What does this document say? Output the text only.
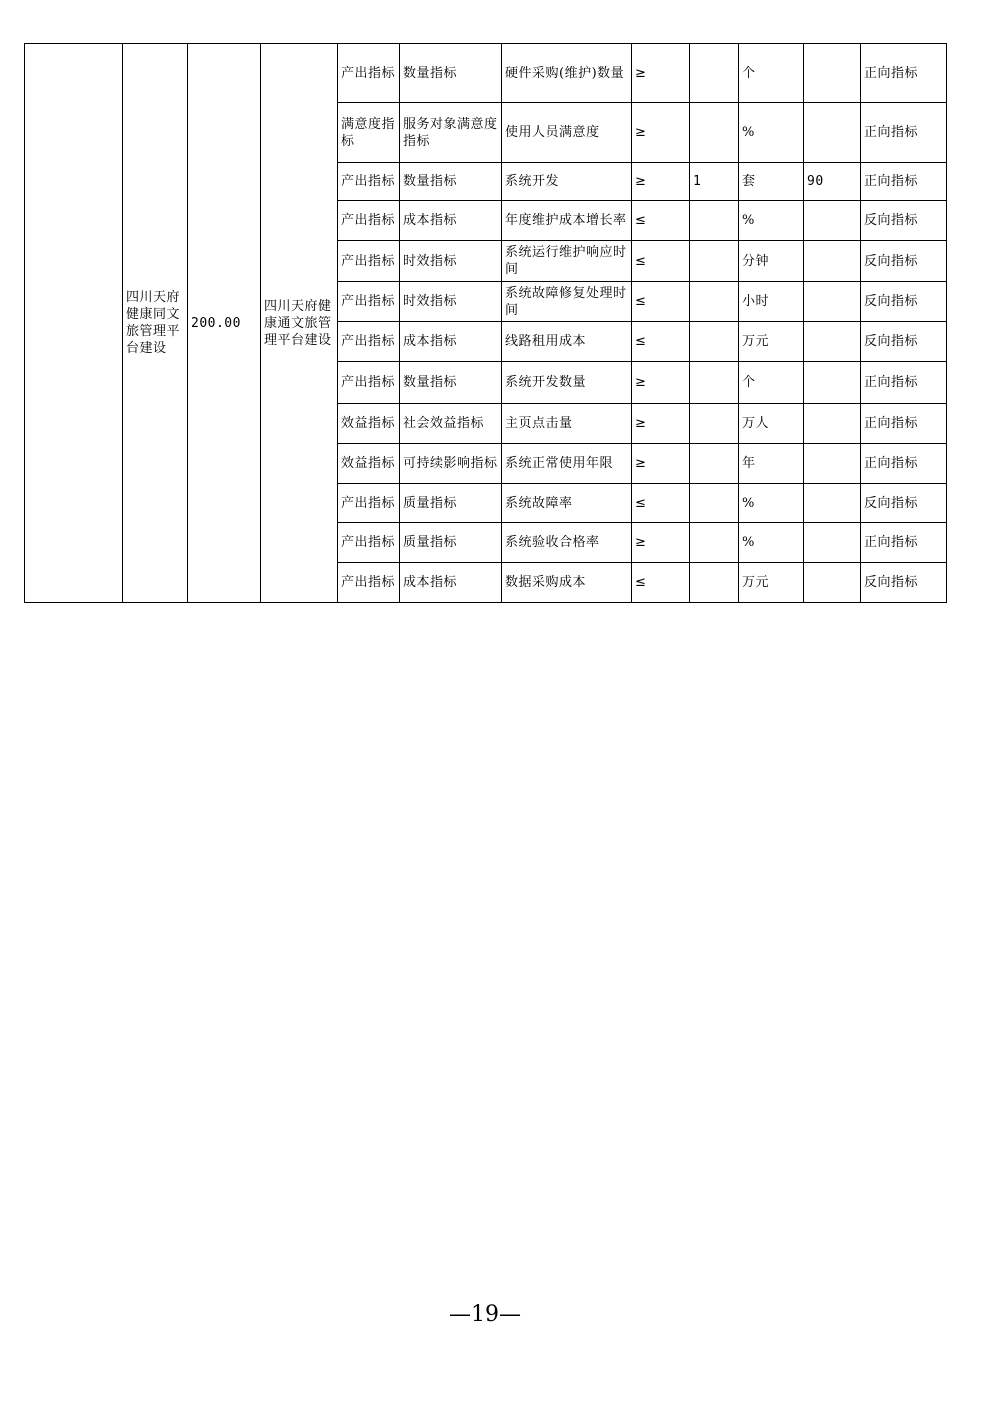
	四川天府健康同文旅管理平台建设	200.00	四川天府健康通文旅管理平台建设	产出指标	数量指标	硬件采购(维护)数量	≥		个		正向指标
				满意度指标	服务对象满意度指标	使用人员满意度	≥		%		正向指标
				产出指标	数量指标	系统开发	≥	1	套	90	正向指标
				产出指标	成本指标	年度维护成本增长率	≤		%		反向指标
				产出指标	时效指标	系统运行维护响应时间	≤		分钟		反向指标
				产出指标	时效指标	系统故障修复处理时间	≤		小时		反向指标
				产出指标	成本指标	线路租用成本	≤		万元		反向指标
				产出指标	数量指标	系统开发数量	≥		个		正向指标
				效益指标	社会效益指标	主页点击量	≥		万人		正向指标
				效益指标	可持续影响指标	系统正常使用年限	≥		年		正向指标
				产出指标	质量指标	系统故障率	≤		%		反向指标
				产出指标	质量指标	系统验收合格率	≥		%		正向指标
				产出指标	成本指标	数据采购成本	≤		万元		反向指标
—19—
